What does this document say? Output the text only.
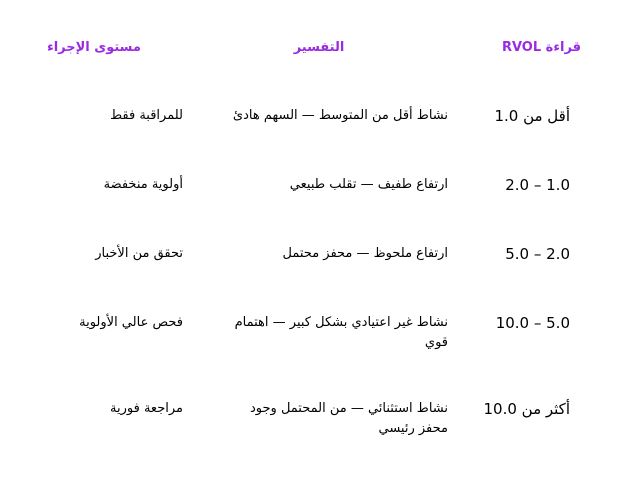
قراءة RVOL
التفسير
مستوى الإجراء
أقل من 1.0
نشاط أقل من المتوسط — السهم هادئ
للمراقبة فقط
1.0 – 2.0
ارتفاع طفيف — تقلب طبيعي
أولوية منخفضة
2.0 – 5.0
ارتفاع ملحوظ — محفز محتمل
تحقق من الأخبار
5.0 – 10.0
نشاط غير اعتيادي بشكل كبير — اهتمام قوي
فحص عالي الأولوية
أكثر من 10.0
نشاط استثنائي — من المحتمل وجود محفز رئيسي
مراجعة فورية
